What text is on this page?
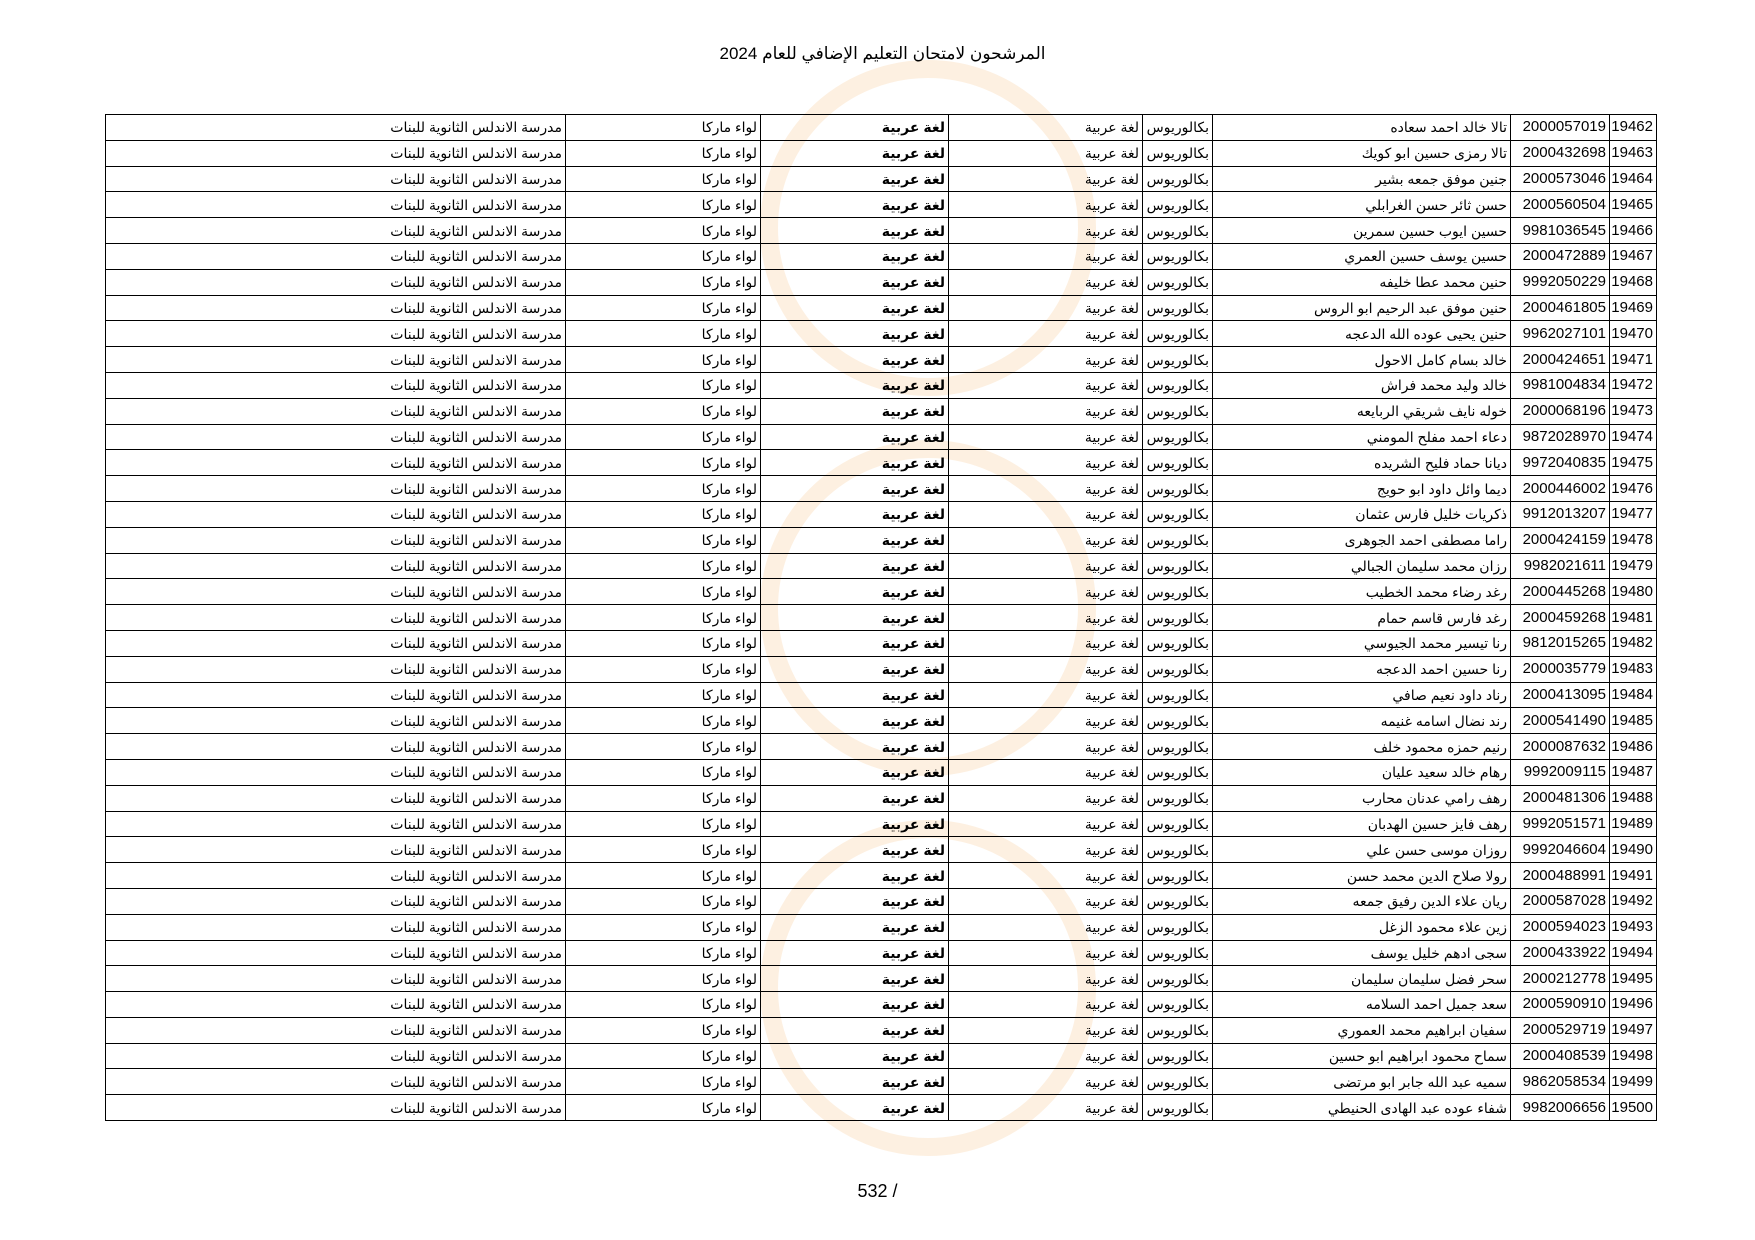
المرشحون لامتحان التعليم الإضافي للعام 2024
19462	2000057019	تالا خالد احمد سعاده	بكالوريوس	لغة عربية	لغة عربية	لواء ماركا	مدرسة الاندلس الثانوية للبنات
19463	2000432698	تالا رمزى حسين ابو كويك	بكالوريوس	لغة عربية	لغة عربية	لواء ماركا	مدرسة الاندلس الثانوية للبنات
19464	2000573046	جنين موفق جمعه بشير	بكالوريوس	لغة عربية	لغة عربية	لواء ماركا	مدرسة الاندلس الثانوية للبنات
19465	2000560504	حسن ثائر حسن الغرابلي	بكالوريوس	لغة عربية	لغة عربية	لواء ماركا	مدرسة الاندلس الثانوية للبنات
19466	9981036545	حسين ايوب حسين سمرين	بكالوريوس	لغة عربية	لغة عربية	لواء ماركا	مدرسة الاندلس الثانوية للبنات
19467	2000472889	حسين يوسف حسين العمري	بكالوريوس	لغة عربية	لغة عربية	لواء ماركا	مدرسة الاندلس الثانوية للبنات
19468	9992050229	حنين محمد عطا خليفه	بكالوريوس	لغة عربية	لغة عربية	لواء ماركا	مدرسة الاندلس الثانوية للبنات
19469	2000461805	حنين موفق عبد الرحيم ابو الروس	بكالوريوس	لغة عربية	لغة عربية	لواء ماركا	مدرسة الاندلس الثانوية للبنات
19470	9962027101	حنين يحيى عوده الله الدعجه	بكالوريوس	لغة عربية	لغة عربية	لواء ماركا	مدرسة الاندلس الثانوية للبنات
19471	2000424651	خالد بسام كامل الاحول	بكالوريوس	لغة عربية	لغة عربية	لواء ماركا	مدرسة الاندلس الثانوية للبنات
19472	9981004834	خالد وليد محمد فراش	بكالوريوس	لغة عربية	لغة عربية	لواء ماركا	مدرسة الاندلس الثانوية للبنات
19473	2000068196	خوله نايف شريقي الربايعه	بكالوريوس	لغة عربية	لغة عربية	لواء ماركا	مدرسة الاندلس الثانوية للبنات
19474	9872028970	دعاء احمد مفلح المومني	بكالوريوس	لغة عربية	لغة عربية	لواء ماركا	مدرسة الاندلس الثانوية للبنات
19475	9972040835	ديانا حماد فليح الشريده	بكالوريوس	لغة عربية	لغة عربية	لواء ماركا	مدرسة الاندلس الثانوية للبنات
19476	2000446002	ديما وائل داود ابو حويج	بكالوريوس	لغة عربية	لغة عربية	لواء ماركا	مدرسة الاندلس الثانوية للبنات
19477	9912013207	ذكريات خليل فارس عثمان	بكالوريوس	لغة عربية	لغة عربية	لواء ماركا	مدرسة الاندلس الثانوية للبنات
19478	2000424159	راما مصطفى احمد الجوهرى	بكالوريوس	لغة عربية	لغة عربية	لواء ماركا	مدرسة الاندلس الثانوية للبنات
19479	9982021611	رزان محمد سليمان الجبالي	بكالوريوس	لغة عربية	لغة عربية	لواء ماركا	مدرسة الاندلس الثانوية للبنات
19480	2000445268	رغد رضاء محمد الخطيب	بكالوريوس	لغة عربية	لغة عربية	لواء ماركا	مدرسة الاندلس الثانوية للبنات
19481	2000459268	رغد فارس قاسم حمام	بكالوريوس	لغة عربية	لغة عربية	لواء ماركا	مدرسة الاندلس الثانوية للبنات
19482	9812015265	رنا تيسير محمد الجيوسي	بكالوريوس	لغة عربية	لغة عربية	لواء ماركا	مدرسة الاندلس الثانوية للبنات
19483	2000035779	رنا حسين احمد الدعجه	بكالوريوس	لغة عربية	لغة عربية	لواء ماركا	مدرسة الاندلس الثانوية للبنات
19484	2000413095	رناد داود نعيم صافي	بكالوريوس	لغة عربية	لغة عربية	لواء ماركا	مدرسة الاندلس الثانوية للبنات
19485	2000541490	رند نضال اسامه غنيمه	بكالوريوس	لغة عربية	لغة عربية	لواء ماركا	مدرسة الاندلس الثانوية للبنات
19486	2000087632	رنيم حمزه محمود خلف	بكالوريوس	لغة عربية	لغة عربية	لواء ماركا	مدرسة الاندلس الثانوية للبنات
19487	9992009115	رهام خالد سعيد عليان	بكالوريوس	لغة عربية	لغة عربية	لواء ماركا	مدرسة الاندلس الثانوية للبنات
19488	2000481306	رهف رامي عدنان محارب	بكالوريوس	لغة عربية	لغة عربية	لواء ماركا	مدرسة الاندلس الثانوية للبنات
19489	9992051571	رهف فايز حسين الهدبان	بكالوريوس	لغة عربية	لغة عربية	لواء ماركا	مدرسة الاندلس الثانوية للبنات
19490	9992046604	روزان موسى حسن علي	بكالوريوس	لغة عربية	لغة عربية	لواء ماركا	مدرسة الاندلس الثانوية للبنات
19491	2000488991	رولا صلاح الدين محمد حسن	بكالوريوس	لغة عربية	لغة عربية	لواء ماركا	مدرسة الاندلس الثانوية للبنات
19492	2000587028	ريان علاء الدين رفيق جمعه	بكالوريوس	لغة عربية	لغة عربية	لواء ماركا	مدرسة الاندلس الثانوية للبنات
19493	2000594023	زين علاء محمود الزغل	بكالوريوس	لغة عربية	لغة عربية	لواء ماركا	مدرسة الاندلس الثانوية للبنات
19494	2000433922	سجى ادهم خليل يوسف	بكالوريوس	لغة عربية	لغة عربية	لواء ماركا	مدرسة الاندلس الثانوية للبنات
19495	2000212778	سحر فضل سليمان سليمان	بكالوريوس	لغة عربية	لغة عربية	لواء ماركا	مدرسة الاندلس الثانوية للبنات
19496	2000590910	سعد جميل احمد السلامه	بكالوريوس	لغة عربية	لغة عربية	لواء ماركا	مدرسة الاندلس الثانوية للبنات
19497	2000529719	سفيان ابراهيم محمد العموري	بكالوريوس	لغة عربية	لغة عربية	لواء ماركا	مدرسة الاندلس الثانوية للبنات
19498	2000408539	سماح محمود ابراهيم ابو حسين	بكالوريوس	لغة عربية	لغة عربية	لواء ماركا	مدرسة الاندلس الثانوية للبنات
19499	9862058534	سميه عبد الله جابر ابو مرتضى	بكالوريوس	لغة عربية	لغة عربية	لواء ماركا	مدرسة الاندلس الثانوية للبنات
19500	9982006656	شفاء عوده عبد الهادى الحنيطي	بكالوريوس	لغة عربية	لغة عربية	لواء ماركا	مدرسة الاندلس الثانوية للبنات
532 /
